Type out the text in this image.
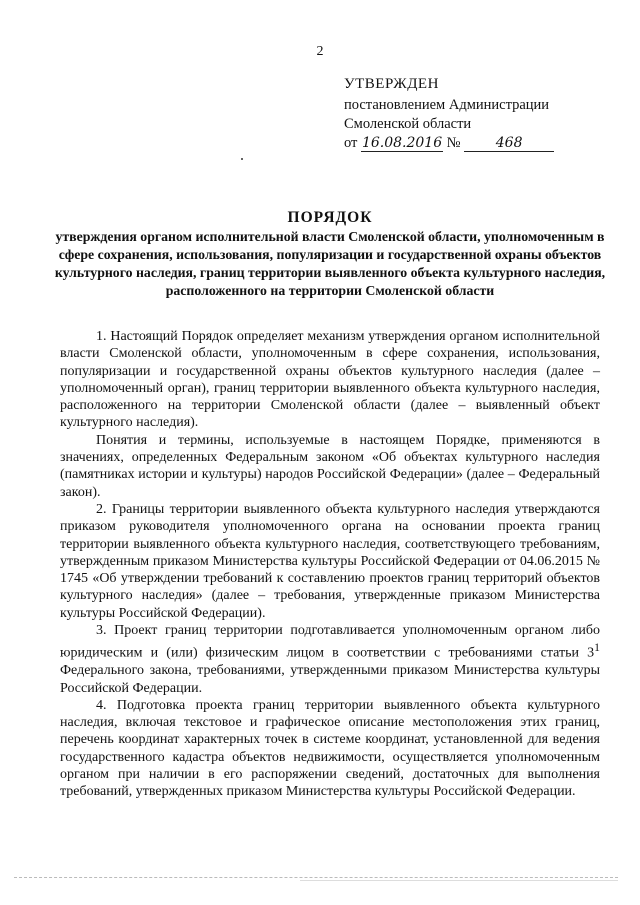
2
УТВЕРЖДЕН
постановлением Администрации
Смоленской области
от 16.08.2016 №	468
ПОРЯДОК
утверждения органом исполнительной власти Смоленской области, уполномоченным в сфере сохранения, использования, популяризации и государственной охраны объектов культурного наследия, границ территории выявленного объекта культурного наследия, расположенного на территории Смоленской области

1. Настоящий Порядок определяет механизм утверждения органом исполнительной власти Смоленской области, уполномоченным в сфере сохранения, использования, популяризации и государственной охраны объектов культурного наследия (далее – уполномоченный орган), границ территории выявленного объекта культурного наследия, расположенного на территории Смоленской области (далее – выявленный объект культурного наследия).

Понятия и термины, используемые в настоящем Порядке, применяются в значениях, определенных Федеральным законом «Об объектах культурного наследия (памятниках истории и культуры) народов Российской Федерации» (далее – Федеральный закон).

2. Границы территории выявленного объекта культурного наследия утверждаются приказом руководителя уполномоченного органа на основании проекта границ территории выявленного объекта культурного наследия, соответствующего требованиям, утвержденным приказом Министерства культуры Российской Федерации от 04.06.2015 № 1745 «Об утверждении требований к составлению проектов границ территорий объектов культурного наследия» (далее – требования, утвержденные приказом Министерства культуры Российской Федерации).

3. Проект границ территории подготавливается уполномоченным органом либо юридическим и (или) физическим лицом в соответствии с требованиями статьи $3^1$ Федерального закона, требованиями, утвержденными приказом Министерства культуры Российской Федерации.

4. Подготовка проекта границ территории выявленного объекта культурного наследия, включая текстовое и графическое описание местоположения этих границ, перечень координат характерных точек в системе координат, установленной для ведения государственного кадастра объектов недвижимости, осуществляется уполномоченным органом при наличии в его распоряжении сведений, достаточных для выполнения требований, утвержденных приказом Министерства культуры Российской Федерации.
